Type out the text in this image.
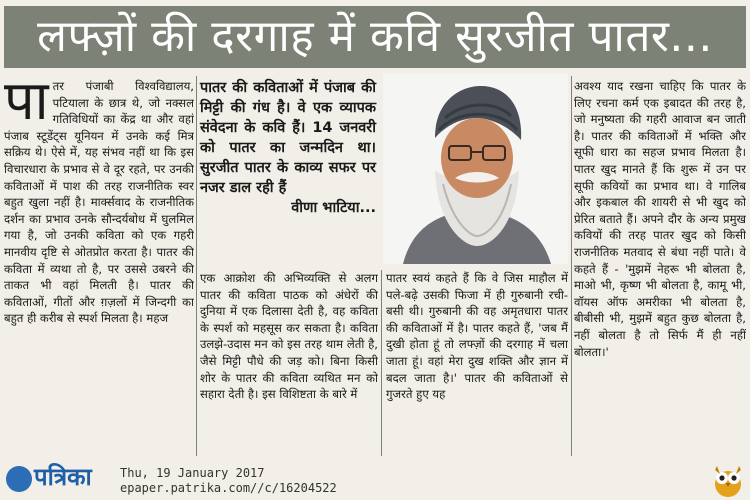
लफ्ज़ों की दरगाह में कवि सुरजीत पातर...

पातर पंजाबी विश्वविद्यालय, पटियाला के छात्र थे, जो नक्सल गतिविधियों का केंद्र था और वहां पंजाब स्टूडेंट्स यूनियन में उनके कई मित्र सक्रिय थे। ऐसे में, यह संभव नहीं था कि इस विचारधारा के प्रभाव से वे दूर रहते, पर उनकी कविताओं में पाश की तरह राजनीतिक स्वर बहुत खुला नहीं है। मार्क्सवाद के राजनीतिक दर्शन का प्रभाव उनके सौन्दर्यबोध में घुलमिल गया है, जो उनकी कविता को एक गहरी मानवीय दृष्टि से ओतप्रोत करता है। पातर की कविता में व्यथा तो है, पर उससे उबरने की ताकत भी वहां मिलती है। पातर की कविताओं, गीतों और ग़ज़लों में जिन्दगी का बहुत ही करीब से स्पर्श मिलता है। महज

पातर की कविताओं में पंजाब की मिट्टी की गंध है। वे एक व्यापक संवेदना के कवि हैं। 14 जनवरी को पातर का जन्मदिन था। सुरजीत पातर के काव्य सफर पर नजर डाल रही हैं
वीणा भाटिया...

अवश्य याद रखना चाहिए कि पातर के लिए रचना कर्म एक इबादत की तरह है, जो मनुष्यता की गहरी आवाज बन जाती है। पातर की कविताओं में भक्ति और सूफी धारा का सहज प्रभाव मिलता है। पातर खुद मानते हैं कि शुरू में उन पर सूफी कवियों का प्रभाव था। वे गालिब और इकबाल की शायरी से भी खुद को प्रेरित बताते हैं। अपने दौर के अन्य प्रमुख कवियों की तरह पातर खुद को किसी राजनीतिक मतवाद से बंधा नहीं पाते। वे कहते हैं - 'मुझमें नेहरू भी बोलता है, माओ भी, कृष्ण भी बोलता है, कामू भी, वॉयस ऑफ अमरीका भी बोलता है, बीबीसी भी, मुझमें बहुत कुछ बोलता है, नहीं बोलता है तो सिर्फ मैं ही नहीं बोलता।'

एक आक्रोश की अभिव्यक्ति से अलग पातर की कविता पाठक को अंधेरों की दुनिया में एक दिलासा देती है, वह कविता के स्पर्श को महसूस कर सकता है। कविता उलझे-उदास मन को इस तरह थाम लेती है, जैसे मिट्टी पौधे की जड़ को। बिना किसी शोर के पातर की कविता व्यथित मन को सहारा देती है। इस विशिष्टता के बारे में

पातर स्वयं कहते हैं कि वे जिस माहौल में पले-बढ़े उसकी फिजा में ही गुरुबानी रची-बसी थी। गुरुबानी की वह अमृतधारा पातर की कविताओं में है। पातर कहते हैं, 'जब मैं दुखी होता हूं तो लफ्ज़ों की दरगाह में चला जाता हूं। वहां मेरा दुख शक्ति और ज्ञान में बदल जाता है।' पातर की कविताओं से गुजरते हुए यह

पत्रिका Thu, 19 January 2017
epaper.patrika.com//c/16204522
